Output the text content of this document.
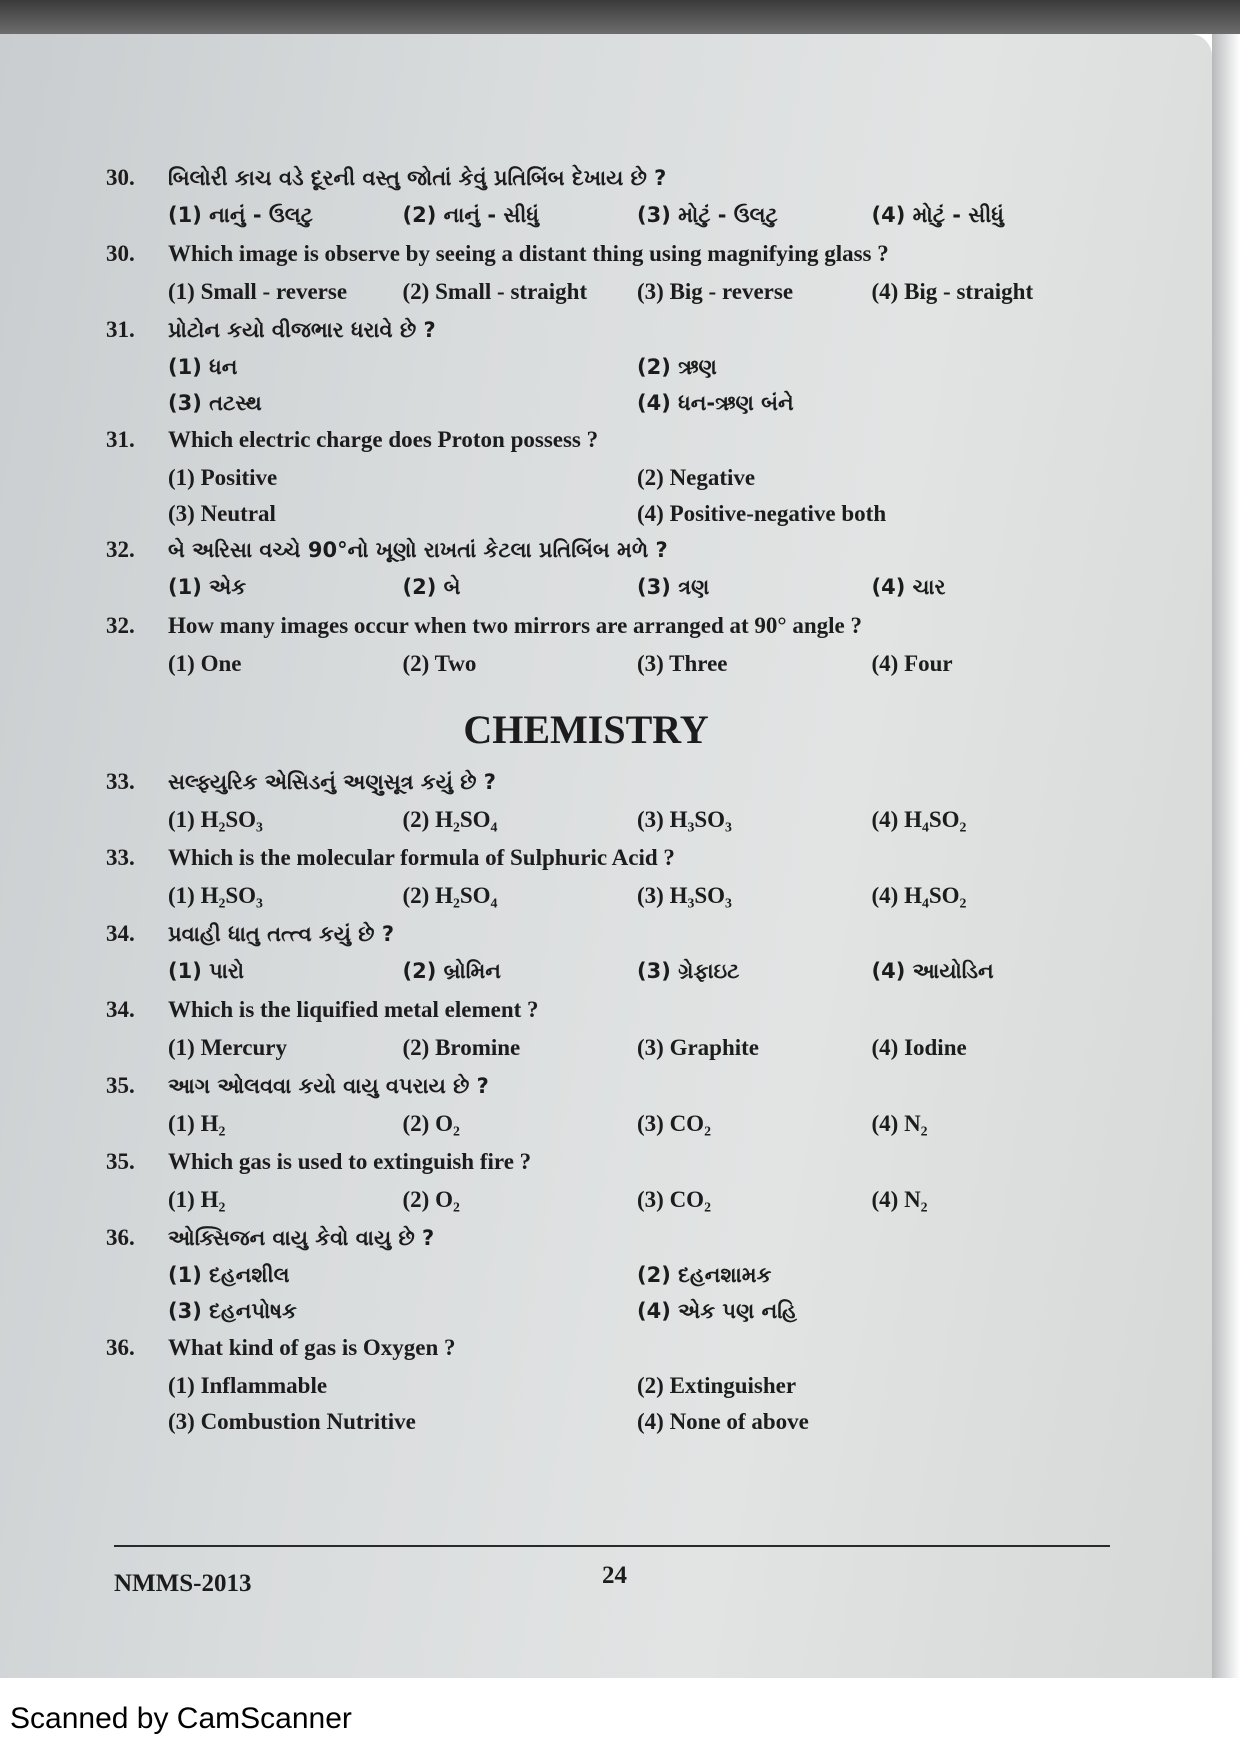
30.	બિલોરી કાચ વડે દૂરની વસ્તુ જોતાં કેવું પ્રતિબિંબ દેખાય છે ?
(1) નાનું - ઉલટુ	(2) નાનું - સીધું	(3) મોટું - ઉલટુ	(4) મોટું - સીધું
30.	Which image is observe by seeing a distant thing using magnifying glass ?
(1) Small - reverse	(2) Small - straight	(3) Big - reverse	(4) Big - straight
31.	પ્રોટોન કયો વીજભાર ધરાવે છે ?
(1) ધન	(2) ઋણ
(3) તટસ્થ	(4) ધન-ઋણ બંને
31.	Which electric charge does Proton possess ?
(1) Positive	(2) Negative
(3) Neutral	(4) Positive-negative both
32.	બે અરિસા વચ્ચે 90°નો ખૂણો રાખતાં કેટલા પ્રતિબિંબ મળે ?
(1) એક	(2) બે	(3) ત્રણ	(4) ચાર
32.	How many images occur when two mirrors are arranged at 90° angle ?
(1) One	(2) Two	(3) Three	(4) Four
CHEMISTRY
33.	સલ્ફ્યુરિક એસિડનું અણુસૂત્ર કયું છે ?
(1) H₂SO₃	(2) H₂SO₄	(3) H₃SO₃	(4) H₄SO₂
33.	Which is the molecular formula of Sulphuric Acid ?
(1) H₂SO₃	(2) H₂SO₄	(3) H₃SO₃	(4) H₄SO₂
34.	પ્રવાહી ધાતુ તત્ત્વ કયું છે ?
(1) પારો	(2) બ્રોમિન	(3) ગ્રેફાઇટ	(4) આયોડિન
34.	Which is the liquified metal element ?
(1) Mercury	(2) Bromine	(3) Graphite	(4) Iodine
35.	આગ ઓલવવા કયો વાયુ વપરાય છે ?
(1) H₂	(2) O₂	(3) CO₂	(4) N₂
35.	Which gas is used to extinguish fire ?
(1) H₂	(2) O₂	(3) CO₂	(4) N₂
36.	ઓક્સિજન વાયુ કેવો વાયુ છે ?
(1) દહનશીલ	(2) દહનશામક
(3) દહનપોષક	(4) એક પણ નહિ
36.	What kind of gas is Oxygen ?
(1) Inflammable	(2) Extinguisher
(3) Combustion Nutritive	(4) None of above
NMMS-2013	24
Scanned by CamScanner
